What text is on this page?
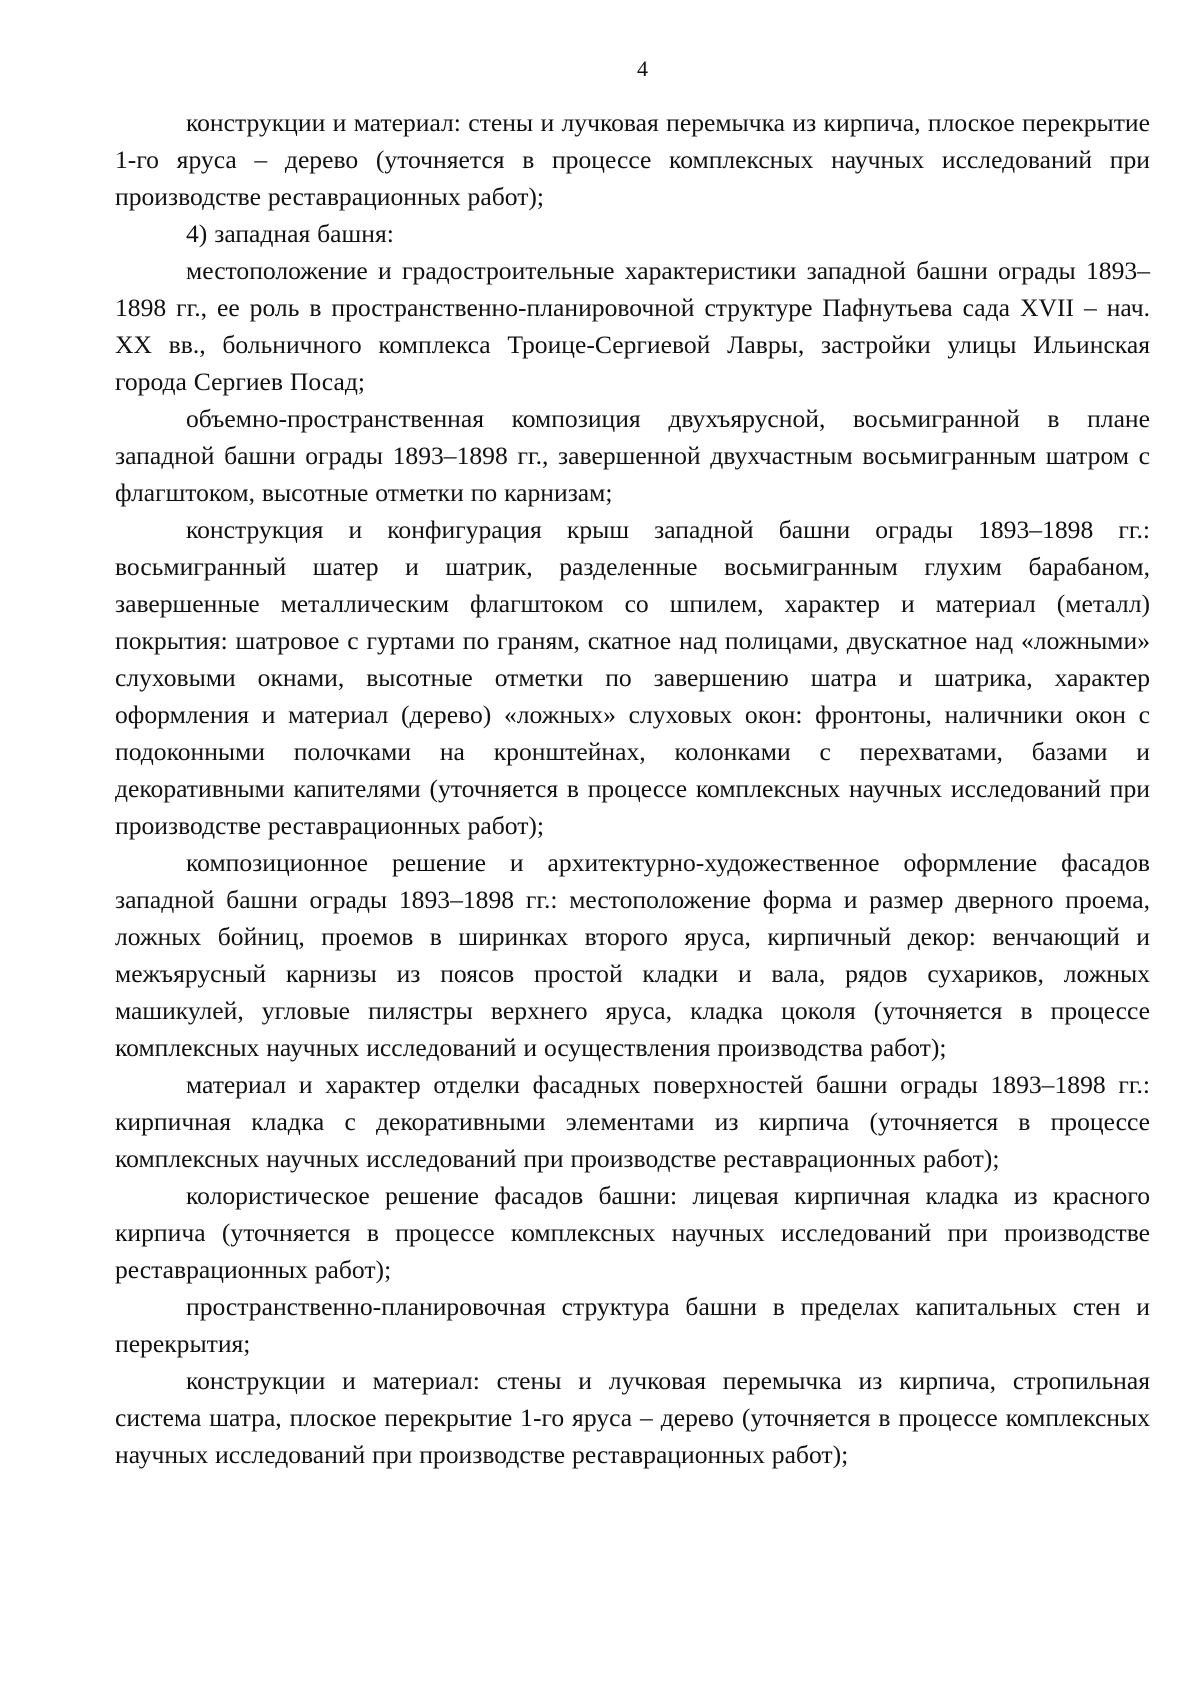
4

конструкции и материал: стены и лучковая перемычка из кирпича, плоское перекрытие 1-го яруса – дерево (уточняется в процессе комплексных научных исследований при производстве реставрационных работ);

4) западная башня:

местоположение и градостроительные характеристики западной башни ограды 1893–1898 гг., ее роль в пространственно-планировочной структуре Пафнутьева сада XVII – нач. XX вв., больничного комплекса Троице-Сергиевой Лавры, застройки улицы Ильинская города Сергиев Посад;

объемно-пространственная композиция двухъярусной, восьмигранной в плане западной башни ограды 1893–1898 гг., завершенной двухчастным восьмигранным шатром с флагштоком, высотные отметки по карнизам;

конструкция и конфигурация крыш западной башни ограды 1893–1898 гг.: восьмигранный шатер и шатрик, разделенные восьмигранным глухим барабаном, завершенные металлическим флагштоком со шпилем, характер и материал (металл) покрытия: шатровое с гуртами по граням, скатное над полицами, двускатное над «ложными» слуховыми окнами, высотные отметки по завершению шатра и шатрика, характер оформления и материал (дерево) «ложных» слуховых окон: фронтоны, наличники окон с подоконными полочками на кронштейнах, колонками с перехватами, базами и декоративными капителями (уточняется в процессе комплексных научных исследований при производстве реставрационных работ);

композиционное решение и архитектурно-художественное оформление фасадов западной башни ограды 1893–1898 гг.: местоположение форма и размер дверного проема, ложных бойниц, проемов в ширинках второго яруса, кирпичный декор: венчающий и межъярусный карнизы из поясов простой кладки и вала, рядов сухариков, ложных машикулей, угловые пилястры верхнего яруса, кладка цоколя (уточняется в процессе комплексных научных исследований и осуществления производства работ);

материал и характер отделки фасадных поверхностей башни ограды 1893–1898 гг.: кирпичная кладка с декоративными элементами из кирпича (уточняется в процессе комплексных научных исследований при производстве реставрационных работ);

колористическое решение фасадов башни: лицевая кирпичная кладка из красного кирпича (уточняется в процессе комплексных научных исследований при производстве реставрационных работ);

пространственно-планировочная структура башни в пределах капитальных стен и перекрытия;

конструкции и материал: стены и лучковая перемычка из кирпича, стропильная система шатра, плоское перекрытие 1-го яруса – дерево (уточняется в процессе комплексных научных исследований при производстве реставрационных работ);
